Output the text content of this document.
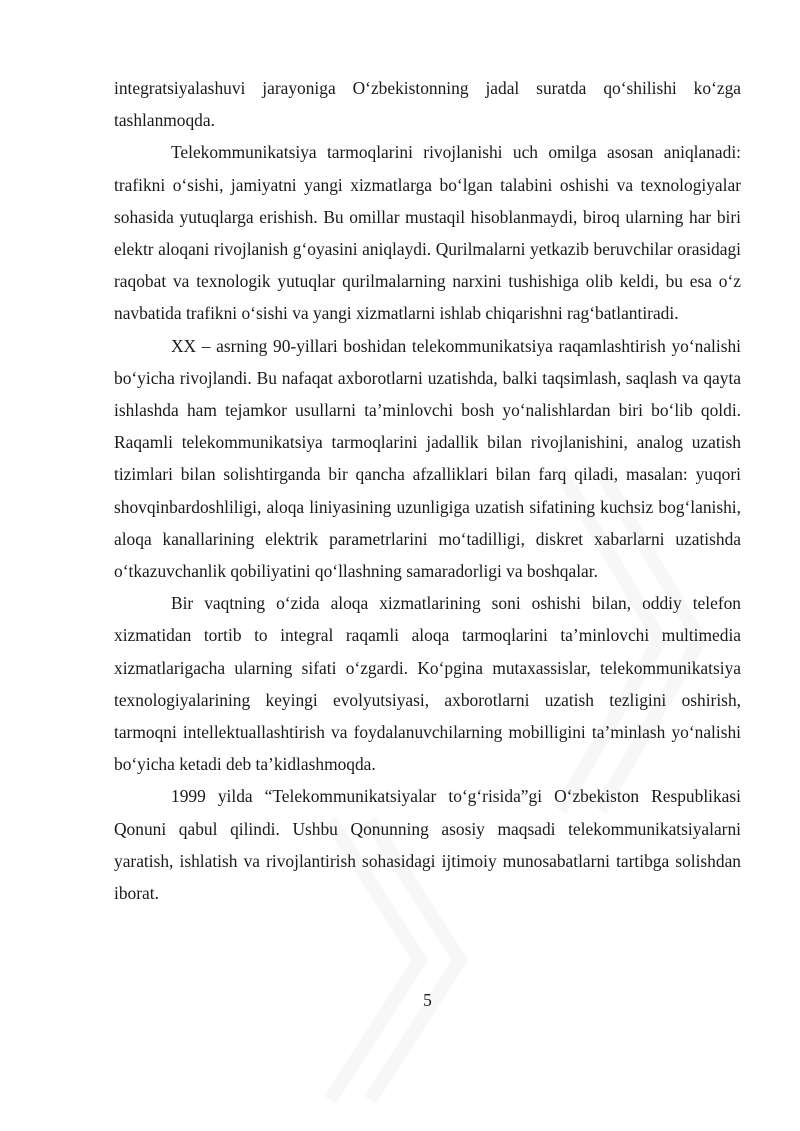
integratsiyalashuvi jarayoniga O‘zbekistonning jadal suratda qo‘shilishi ko‘zga tashlanmoqda.

Telekommunikatsiya tarmoqlarini rivojlanishi uch omilga asosan aniqlanadi: trafikni o‘sishi, jamiyatni yangi xizmatlarga bo‘lgan talabini oshishi va texnologiyalar sohasida yutuqlarga erishish. Bu omillar mustaqil hisoblanmaydi, biroq ularning har biri elektr aloqani rivojlanish g‘oyasini aniqlaydi. Qurilmalarni yetkazib beruvchilar orasidagi raqobat va texnologik yutuqlar qurilmalarning narxini tushishiga olib keldi, bu esa o‘z navbatida trafikni o‘sishi va yangi xizmatlarni ishlab chiqarishni rag‘batlantiradi.

XX – asrning 90-yillari boshidan telekommunikatsiya raqamlashtirish yo‘nalishi bo‘yicha rivojlandi. Bu nafaqat axborotlarni uzatishda, balki taqsimlash, saqlash va qayta ishlashda ham tejamkor usullarni ta’minlovchi bosh yo‘nalishlardan biri bo‘lib qoldi. Raqamli telekommunikatsiya tarmoqlarini jadallik bilan rivojlanishini, analog uzatish tizimlari bilan solishtirganda bir qancha afzalliklari bilan farq qiladi, masalan: yuqori shovqinbardoshliligi, aloqa liniyasining uzunligiga uzatish sifatining kuchsiz bog‘lanishi, aloqa kanallarining elektrik parametrlarini mo‘tadilligi, diskret xabarlarni uzatishda o‘tkazuvchanlik qobiliyatini qo‘llashning samaradorligi va boshqalar.

Bir vaqtning o‘zida aloqa xizmatlarining soni oshishi bilan, oddiy telefon xizmatidan tortib to integral raqamli aloqa tarmoqlarini ta’minlovchi multimedia xizmatlarigacha ularning sifati o‘zgardi. Ko‘pgina mutaxassislar, telekommunikatsiya texnologiyalarining keyingi evolyutsiyasi, axborotlarni uzatish tezligini oshirish, tarmoqni intellektuallashtirish va foydalanuvchilarning mobilligini ta’minlash yo‘nalishi bo‘yicha ketadi deb ta’kidlashmoqda.

1999 yilda “Telekommunikatsiyalar to‘g‘risida”gi O‘zbekiston Respublikasi Qonuni qabul qilindi. Ushbu Qonunning asosiy maqsadi telekommunikatsiyalarni yaratish, ishlatish va rivojlantirish sohasidagi ijtimoiy munosabatlarni tartibga solishdan iborat.

5
